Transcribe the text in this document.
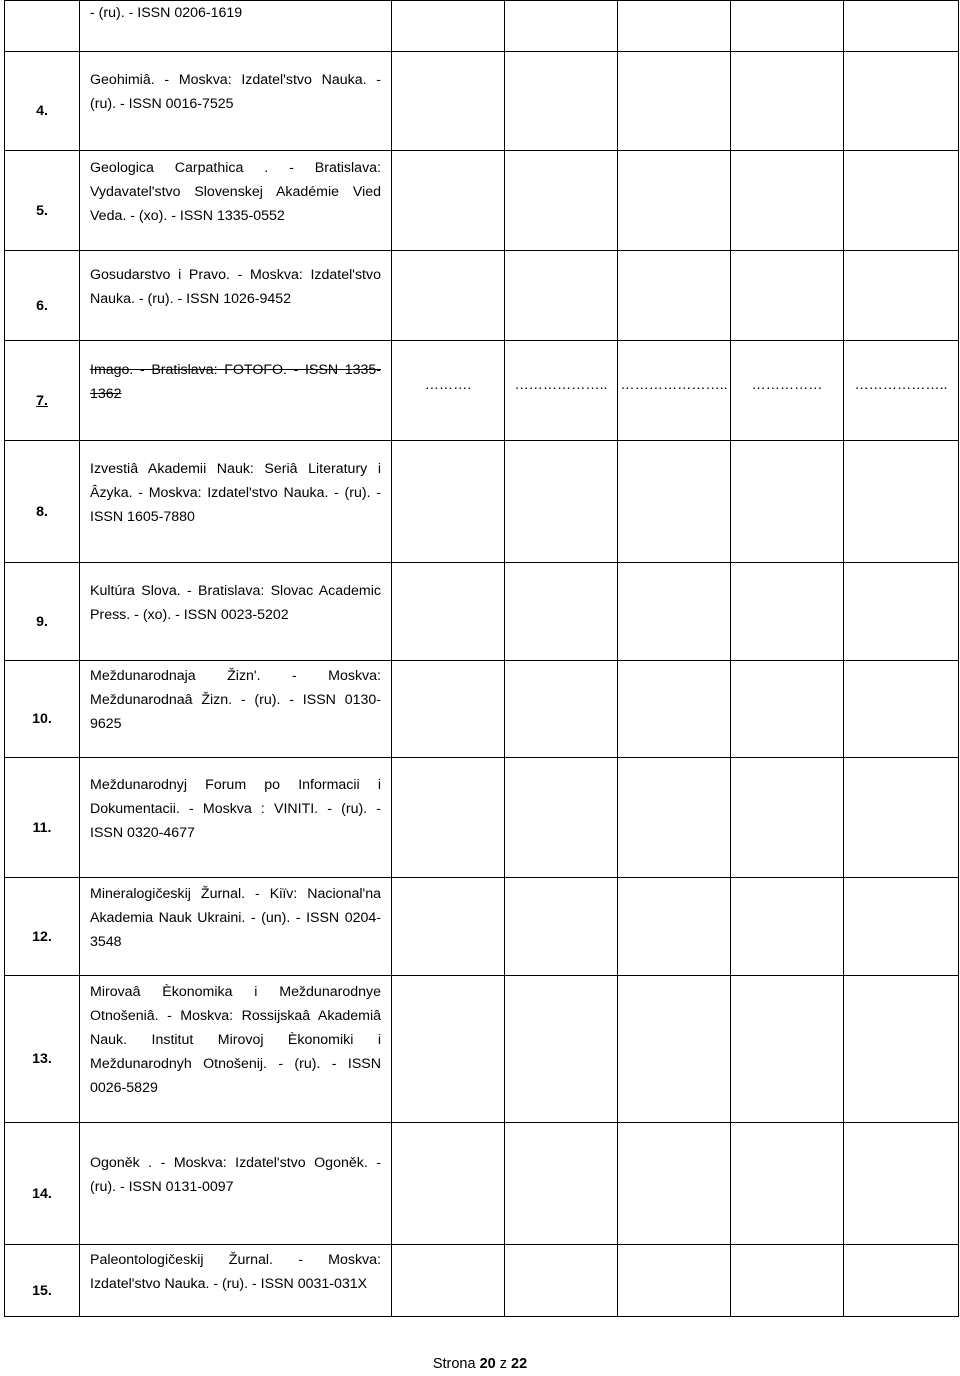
	- (ru). - ISSN 0206-1619					

4.	Geohimiâ. - Moskva: Izdatel'stvo Nauka. - (ru). - ISSN 0016-7525					

5.	Geologica Carpathica . - Bratislava: Vydavatel'stvo Slovenskej Akadémie Vied Veda. - (xo). - ISSN 1335-0552					

6.	Gosudarstvo i Pravo. - Moskva: Izdatel'stvo Nauka. - (ru). - ISSN 1026-9452					

7.	Imago. - Bratislava: FOTOFO. - ISSN 1335-1362	……….	………………..	…………………..	……………	………………..
8.	Izvestiâ Akademii Nauk: Seriâ Literatury i Âzyka. - Moskva: Izdatel'stvo Nauka. - (ru). - ISSN 1605-7880					

9.	Kultúra Slova. - Bratislava: Slovac Academic Press. - (xo). - ISSN 0023-5202					

10.	Meždunarodnaja Žizn'. - Moskva: Meždunarodnaâ Žizn. - (ru). - ISSN 0130-9625					

11.	Meždunarodnyj Forum po Informacii i Dokumentacii. - Moskva : VINITI. - (ru). - ISSN 0320-4677					

12.	Mineralogičeskij Žurnal. - Kiïv: Nacional'na Akademia Nauk Ukraini. - (un). - ISSN 0204-3548					

13.	Mirovaâ Èkonomika i Meždunarodnye Otnošeniâ. - Moskva: Rossijskaâ Akademiâ Nauk. Institut Mirovoj Èkonomiki i Meždunarodnyh Otnošenij. - (ru). - ISSN 0026-5829					

14.	Ogoněk . - Moskva: Izdatel'stvo Ogoněk. - (ru). - ISSN 0131-0097					

15.	Paleontologičeskij Žurnal. - Moskva: Izdatel'stvo Nauka. - (ru). - ISSN 0031-031X					

Strona 20 z 22
